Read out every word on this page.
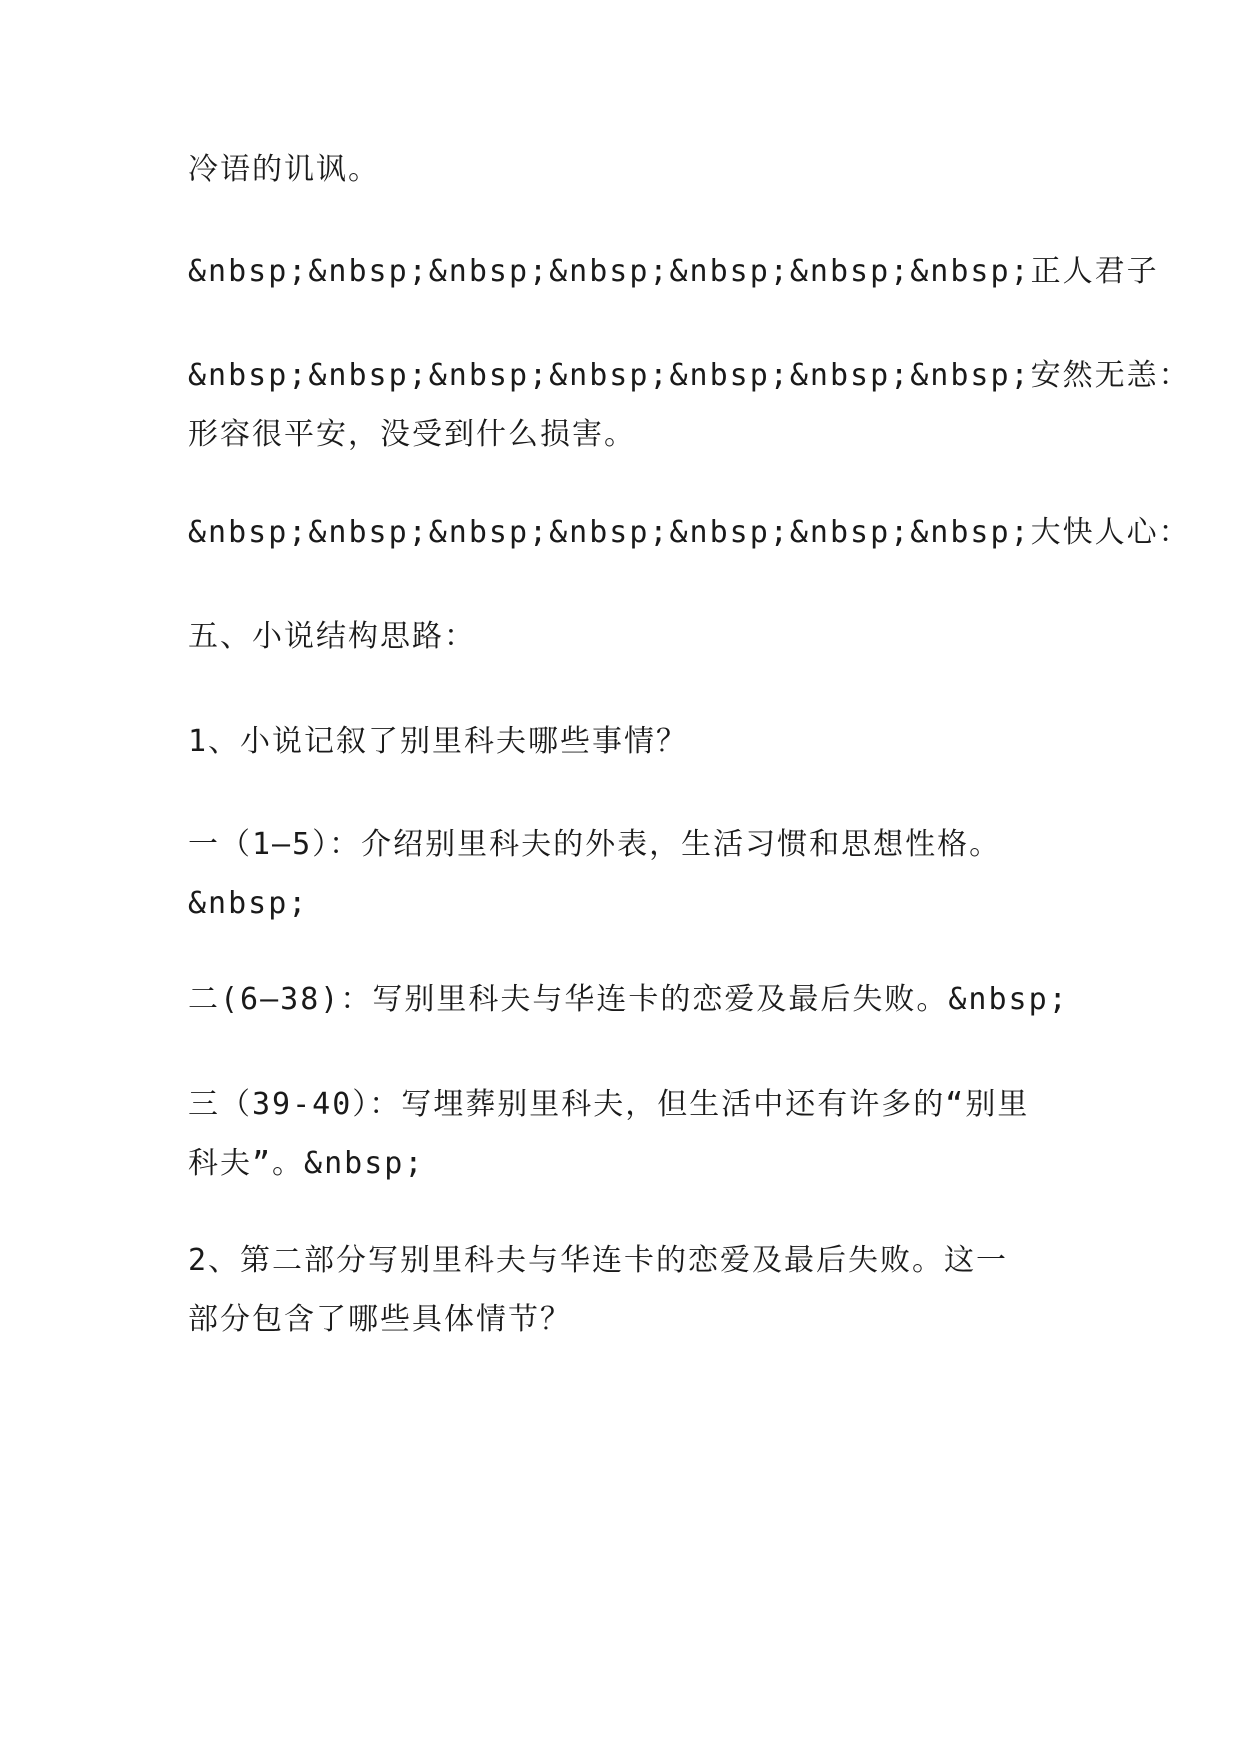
冷语的讥讽。

&nbsp;&nbsp;&nbsp;&nbsp;&nbsp;&nbsp;&nbsp;正人君子

&nbsp;&nbsp;&nbsp;&nbsp;&nbsp;&nbsp;&nbsp;安然无恙：
形容很平安，没受到什么损害。

&nbsp;&nbsp;&nbsp;&nbsp;&nbsp;&nbsp;&nbsp;大快人心：

五、小说结构思路：

1、小说记叙了别里科夫哪些事情？

一（1—5）：介绍别里科夫的外表，生活习惯和思想性格。
&nbsp;

二(6—38)：写别里科夫与华连卡的恋爱及最后失败。&nbsp;

三（39-40）：写埋葬别里科夫，但生活中还有许多的“别里
科夫”。&nbsp;

2、第二部分写别里科夫与华连卡的恋爱及最后失败。这一
部分包含了哪些具体情节？
